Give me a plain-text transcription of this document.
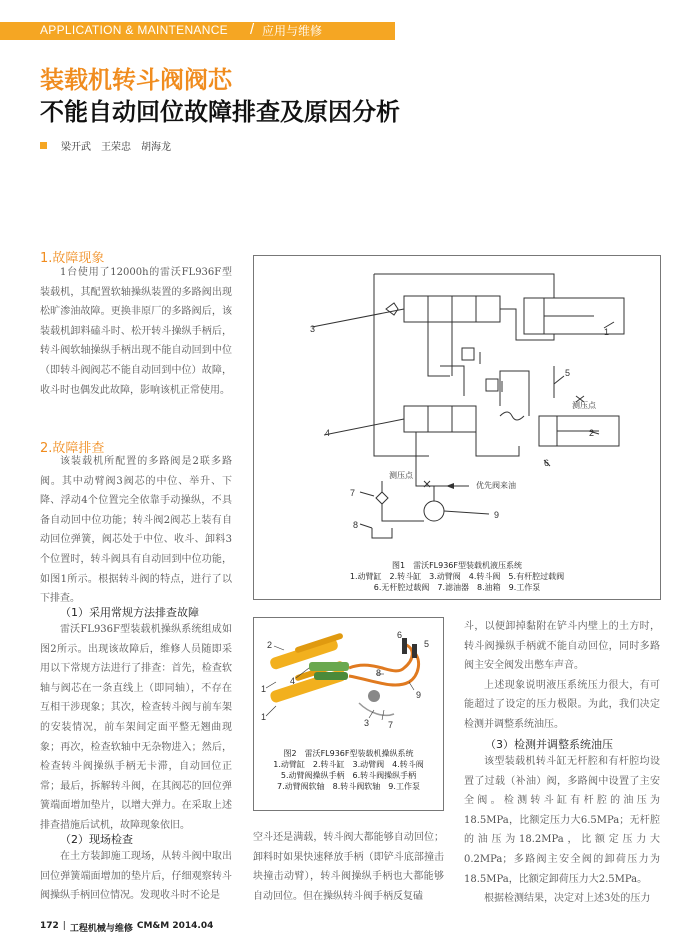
APPLICATION & MAINTENANCE / 应用与维修
装载机转斗阀阀芯
不能自动回位故障排查及原因分析
梁开武　王荣忠　胡海龙
1.故障现象

1台使用了12000h的雷沃FL936F型装载机，其配置软轴操纵装置的多路阀出现松旷渗油故障。更换非原厂的多路阀后，该装载机卸料磕斗时、松开转斗操纵手柄后，转斗阀软轴操纵手柄出现不能自动回到中位（即转斗阀阀芯不能自动回到中位）故障，收斗时也偶发此故障，影响该机正常使用。

2.故障排查

该装载机所配置的多路阀是2联多路阀。其中动臂阀3阀芯的中位、举升、下降、浮动4个位置完全依靠手动操纵，不具备自动回中位功能；转斗阀2阀芯上装有自动回位弹簧，阀芯处于中位、收斗、卸料3个位置时，转斗阀具有自动回到中位功能，如图1所示。根据转斗阀的特点，进行了以下排查。

（1）采用常规方法排查故障

雷沃FL936F型装载机操纵系统组成如图2所示。出现该故障后，维修人员随即采用以下常规方法进行了排查：首先，检查软轴与阀芯在一条直线上（即同轴），不存在互相干涉现象；其次，检查转斗阀与前车架的安装情况，前车架间定面平整无翘曲现象；再次，检查软轴中无杂物进入；然后，检查转斗阀操纵手柄无卡滞，自动回位正常；最后，拆解转斗阀，在其阀芯的回位弹簧端面增加垫片，以增大弹力。在采取上述排查措施后试机，故障现象依旧。

（2）现场检查

在土方装卸施工现场，从转斗阀中取出回位弹簧端面增加的垫片后，仔细观察转斗阀操纵手柄回位情况。发现收斗时不论是

3	1
5
测压点
4	2
6
测压点
优先阀来油
7
9
8
图1　雷沃FL936F型装载机液压系统
1.动臂缸　2.转斗缸　3.动臂阀　4.转斗阀　5.有杆腔过载阀
6.无杆腔过载阀　7.滤油器　8.油箱　9.工作泵
2
6
5
8
4
1
9
1
3 7
图2　雷沃FL936F型装载机操纵系统
1.动臂缸　2.转斗缸　3.动臂阀　4.转斗阀
5.动臂阀操纵手柄　6.转斗阀操纵手柄
7.动臂阀软轴　8.转斗阀软轴　9.工作泵

空斗还是满载，转斗阀大都能够自动回位；卸料时如果快速释放手柄（即铲斗底部撞击块撞击动臂），转斗阀操纵手柄也大都能够自动回位。但在操纵转斗阀手柄反复磕

斗，以便卸掉黏附在铲斗内壁上的土方时，转斗阀操纵手柄就不能自动回位，同时多路阀主安全阀发出憋车声音。

上述现象说明液压系统压力很大，有可能超过了设定的压力极限。为此，我们决定检测并调整系统油压。

（3）检测并调整系统油压

该型装载机转斗缸无杆腔和有杆腔均设置了过载（补油）阀，多路阀中设置了主安全阀。检测转斗缸有杆腔的油压为18.5MPa，比额定压力大6.5MPa；无杆腔的油压为18.2MPa，比额定压力大0.2MPa；多路阀主安全阀的卸荷压力为18.5MPa，比额定卸荷压力大2.5MPa。

根据检测结果，决定对上述3处的压力

172 | 工程机械与维修 CM&M 2014.04
